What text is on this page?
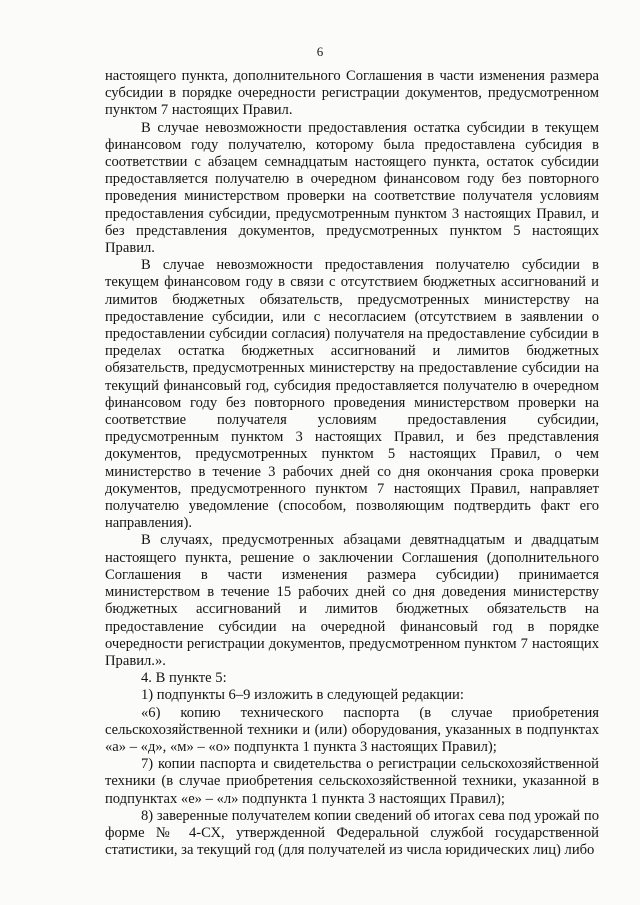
6

настоящего пункта, дополнительного Соглашения в части изменения размера субсидии в порядке очередности регистрации документов, предусмотренном пунктом 7 настоящих Правил.

В случае невозможности предоставления остатка субсидии в текущем финансовом году получателю, которому была предоставлена субсидия в соответствии с абзацем семнадцатым настоящего пункта, остаток субсидии предоставляется получателю в очередном финансовом году без повторного проведения министерством проверки на соответствие получателя условиям предоставления субсидии, предусмотренным пунктом 3 настоящих Правил, и без представления документов, предусмотренных пунктом 5 настоящих Правил.

В случае невозможности предоставления получателю субсидии в текущем финансовом году в связи с отсутствием бюджетных ассигнований и лимитов бюджетных обязательств, предусмотренных министерству на предоставление субсидии, или с несогласием (отсутствием в заявлении о предоставлении субсидии согласия) получателя на предоставление субсидии в пределах остатка бюджетных ассигнований и лимитов бюджетных обязательств, предусмотренных министерству на предоставление субсидии на текущий финансовый год, субсидия предоставляется получателю в очередном финансовом году без повторного проведения министерством проверки на соответствие получателя условиям предоставления субсидии, предусмотренным пунктом 3 настоящих Правил, и без представления документов, предусмотренных пунктом 5 настоящих Правил, о чем министерство в течение 3 рабочих дней со дня окончания срока проверки документов, предусмотренного пунктом 7 настоящих Правил, направляет получателю уведомление (способом, позволяющим подтвердить факт его направления).

В случаях, предусмотренных абзацами девятнадцатым и двадцатым настоящего пункта, решение о заключении Соглашения (дополнительного Соглашения в части изменения размера субсидии) принимается министерством в течение 15 рабочих дней со дня доведения министерству бюджетных ассигнований и лимитов бюджетных обязательств на предоставление субсидии на очередной финансовый год в порядке очередности регистрации документов, предусмотренном пунктом 7 настоящих Правил.».

4. В пункте 5:

1) подпункты 6–9 изложить в следующей редакции:

«6) копию технического паспорта (в случае приобретения сельскохозяйственной техники и (или) оборудования, указанных в подпунктах «а» – «д», «м» – «о» подпункта 1 пункта 3 настоящих Правил);

7) копии паспорта и свидетельства о регистрации сельскохозяйственной техники (в случае приобретения сельскохозяйственной техники, указанной в подпунктах «е» – «л» подпункта 1 пункта 3 настоящих Правил);

8) заверенные получателем копии сведений об итогах сева под урожай по форме № 4-СХ, утвержденной Федеральной службой государственной статистики, за текущий год (для получателей из числа юридических лиц) либо
